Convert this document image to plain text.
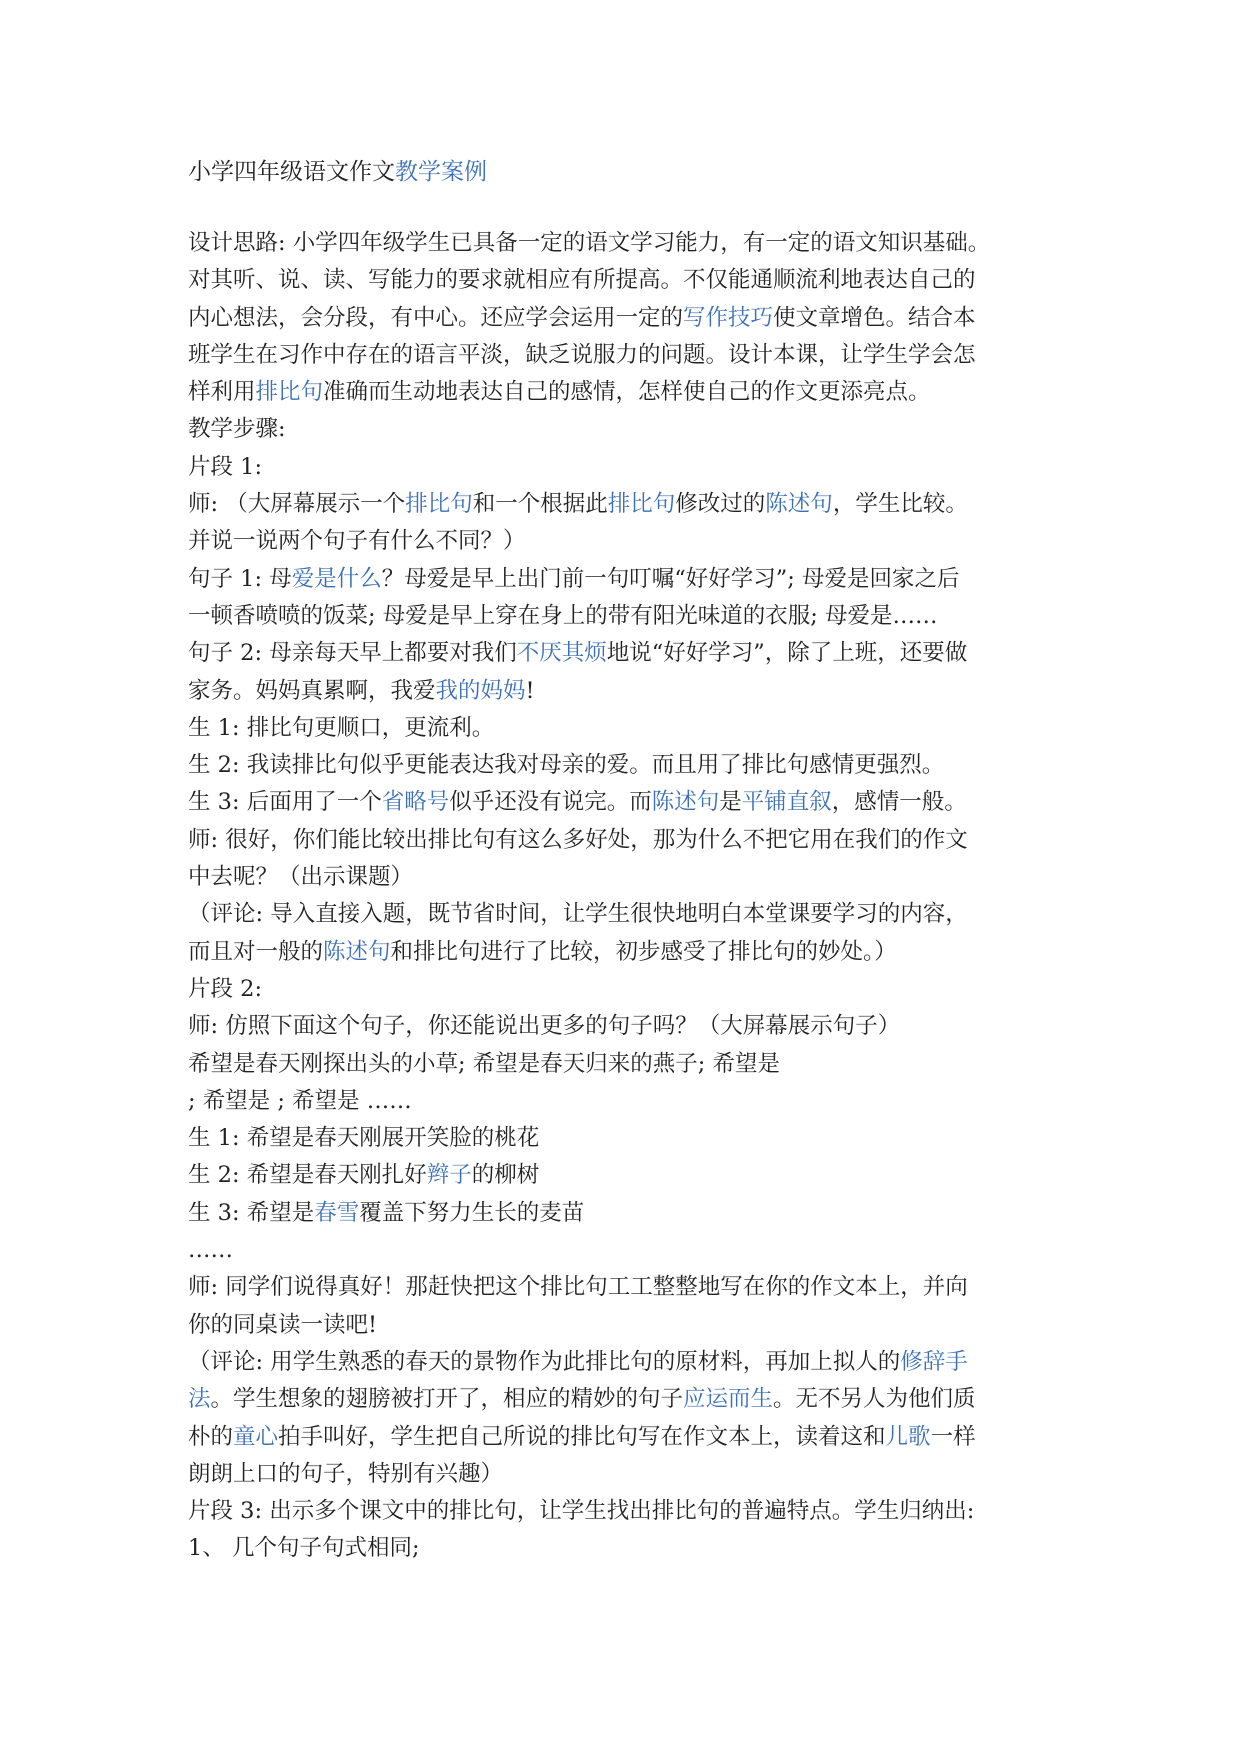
小学四年级语文作文教学案例
设计思路: 小学四年级学生已具备一定的语文学习能力，有一定的语文知识基础。
对其听、说、读、写能力的要求就相应有所提高。不仅能通顺流利地表达自己的
内心想法，会分段，有中心。还应学会运用一定的写作技巧使文章增色。结合本
班学生在习作中存在的语言平淡，缺乏说服力的问题。设计本课，让学生学会怎
样利用排比句准确而生动地表达自己的感情，怎样使自己的作文更添亮点。
教学步骤:
片段 1:
师: （大屏幕展示一个排比句和一个根据此排比句修改过的陈述句，学生比较。
并说一说两个句子有什么不同？）
句子 1: 母爱是什么？母爱是早上出门前一句叮嘱“好好学习”; 母爱是回家之后
一顿香喷喷的饭菜; 母爱是早上穿在身上的带有阳光味道的衣服; 母爱是……
句子 2: 母亲每天早上都要对我们不厌其烦地说“好好学习”，除了上班，还要做
家务。妈妈真累啊，我爱我的妈妈!
生 1: 排比句更顺口，更流利。
生 2: 我读排比句似乎更能表达我对母亲的爱。而且用了排比句感情更强烈。
生 3: 后面用了一个省略号似乎还没有说完。而陈述句是平铺直叙，感情一般。
师: 很好，你们能比较出排比句有这么多好处，那为什么不把它用在我们的作文
中去呢？（出示课题）
（评论: 导入直接入题，既节省时间，让学生很快地明白本堂课要学习的内容，
而且对一般的陈述句和排比句进行了比较，初步感受了排比句的妙处。）
片段 2:
师: 仿照下面这个句子，你还能说出更多的句子吗？（大屏幕展示句子）
希望是春天刚探出头的小草; 希望是春天归来的燕子; 希望是
; 希望是 ; 希望是 ……
生 1: 希望是春天刚展开笑脸的桃花
生 2: 希望是春天刚扎好辫子的柳树
生 3: 希望是春雪覆盖下努力生长的麦苗
……
师: 同学们说得真好！那赶快把这个排比句工工整整地写在你的作文本上，并向
你的同桌读一读吧!
（评论: 用学生熟悉的春天的景物作为此排比句的原材料，再加上拟人的修辞手
法。学生想象的翅膀被打开了，相应的精妙的句子应运而生。无不另人为他们质
朴的童心拍手叫好，学生把自己所说的排比句写在作文本上，读着这和儿歌一样
朗朗上口的句子，特别有兴趣）
片段 3: 出示多个课文中的排比句，让学生找出排比句的普遍特点。学生归纳出:
1、 几个句子句式相同;
